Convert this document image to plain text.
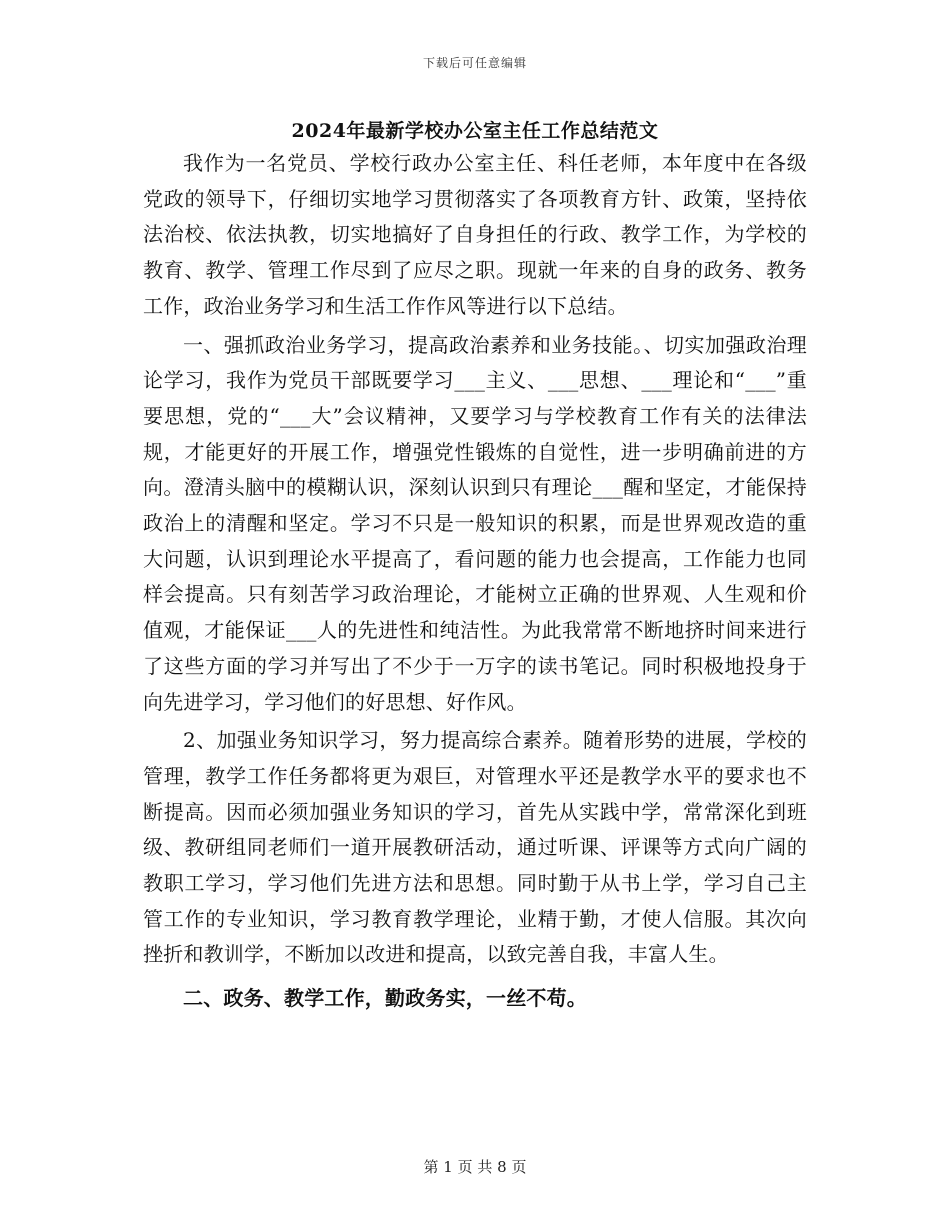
下载后可任意编辑
2024年最新学校办公室主任工作总结范文

我作为一名党员、学校行政办公室主任、科任老师，本年度中在各级党政的领导下，仔细切实地学习贯彻落实了各项教育方针、政策，坚持依法治校、依法执教，切实地搞好了自身担任的行政、教学工作，为学校的教育、教学、管理工作尽到了应尽之职。现就一年来的自身的政务、教务工作，政治业务学习和生活工作作风等进行以下总结。

一、强抓政治业务学习，提高政治素养和业务技能。、切实加强政治理论学习，我作为党员干部既要学习___主义、___思想、___理论和“___”重要思想，党的“___大”会议精神，又要学习与学校教育工作有关的法律法规，才能更好的开展工作，增强党性锻炼的自觉性，进一步明确前进的方向。澄清头脑中的模糊认识，深刻认识到只有理论___醒和坚定，才能保持政治上的清醒和坚定。学习不只是一般知识的积累，而是世界观改造的重大问题，认识到理论水平提高了，看问题的能力也会提高，工作能力也同样会提高。只有刻苦学习政治理论，才能树立正确的世界观、人生观和价值观，才能保证___人的先进性和纯洁性。为此我常常不断地挤时间来进行了这些方面的学习并写出了不少于一万字的读书笔记。同时积极地投身于向先进学习，学习他们的好思想、好作风。

2、加强业务知识学习，努力提高综合素养。随着形势的进展，学校的管理，教学工作任务都将更为艰巨，对管理水平还是教学水平的要求也不断提高。因而必须加强业务知识的学习，首先从实践中学，常常深化到班级、教研组同老师们一道开展教研活动，通过听课、评课等方式向广阔的教职工学习，学习他们先进方法和思想。同时勤于从书上学，学习自己主管工作的专业知识，学习教育教学理论，业精于勤，才使人信服。其次向挫折和教训学，不断加以改进和提高，以致完善自我，丰富人生。

二、政务、教学工作，勤政务实，一丝不苟。

第 1 页 共 8 页
